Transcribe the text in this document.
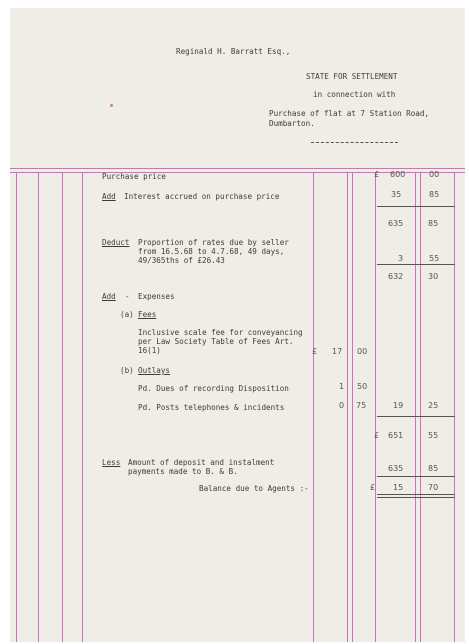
Reginald H. Barratt Esq.,
STATE FOR SETTLEMENT
in connection with
Purchase of flat at 7 Station Road,
Dumbarton.
Purchase price	£ 600	00
Add Interest accrued on purchase price	35	85
635	85
Deduct Proportion of rates due by seller
from 16.5.68 to 4.7.68, 49 days,
49/365ths of £26.43	3	55
632	30
Add - Expenses
(a) Fees
Inclusive scale fee for conveyancing
per Law Society Table of Fees Art.
16(1)	£ 17 00
(b) Outlays
Pd. Dues of recording Disposition	1 50
Pd. Posts telephones & incidents	0 75	19	25
£ 651	55
Less Amount of deposit and instalment
payments made to B. & B.	635	85
Balance due to Agents :-	£ 15	70
